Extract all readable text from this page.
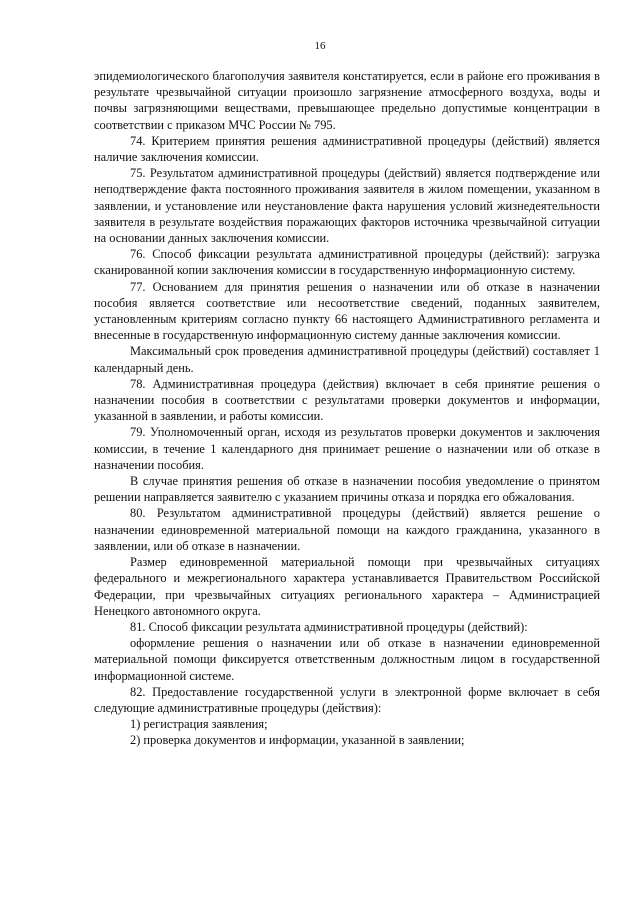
16

эпидемиологического благополучия заявителя констатируется, если в районе его проживания в результате чрезвычайной ситуации произошло загрязнение атмосферного воздуха, воды и почвы загрязняющими веществами, превышающее предельно допустимые концентрации в соответствии с приказом МЧС России № 795.

74. Критерием принятия решения административной процедуры (действий) является наличие заключения комиссии.

75. Результатом административной процедуры (действий) является подтверждение или неподтверждение факта постоянного проживания заявителя в жилом помещении, указанном в заявлении, и установление или неустановление факта нарушения условий жизнедеятельности заявителя в результате воздействия поражающих факторов источника чрезвычайной ситуации на основании данных заключения комиссии.

76. Способ фиксации результата административной процедуры (действий): загрузка сканированной копии заключения комиссии в государственную информационную систему.

77. Основанием для принятия решения о назначении или об отказе в назначении пособия является соответствие или несоответствие сведений, поданных заявителем, установленным критериям согласно пункту 66 настоящего Административного регламента и внесенные в государственную информационную систему данные заключения комиссии.

Максимальный срок проведения административной процедуры (действий) составляет 1 календарный день.

78. Административная процедура (действия) включает в себя принятие решения о назначении пособия в соответствии с результатами проверки документов и информации, указанной в заявлении, и работы комиссии.

79. Уполномоченный орган, исходя из результатов проверки документов и заключения комиссии, в течение 1 календарного дня принимает решение о назначении или об отказе в назначении пособия.

В случае принятия решения об отказе в назначении пособия уведомление о принятом решении направляется заявителю с указанием причины отказа и порядка его обжалования.

80. Результатом административной процедуры (действий) является решение о назначении единовременной материальной помощи на каждого гражданина, указанного в заявлении, или об отказе в назначении.

Размер единовременной материальной помощи при чрезвычайных ситуациях федерального и межрегионального характера устанавливается Правительством Российской Федерации, при чрезвычайных ситуациях регионального характера – Администрацией Ненецкого автономного округа.

81. Способ фиксации результата административной процедуры (действий):

оформление решения о назначении или об отказе в назначении единовременной материальной помощи фиксируется ответственным должностным лицом в государственной информационной системе.

82. Предоставление государственной услуги в электронной форме включает в себя следующие административные процедуры (действия):

1) регистрация заявления;

2) проверка документов и информации, указанной в заявлении;
